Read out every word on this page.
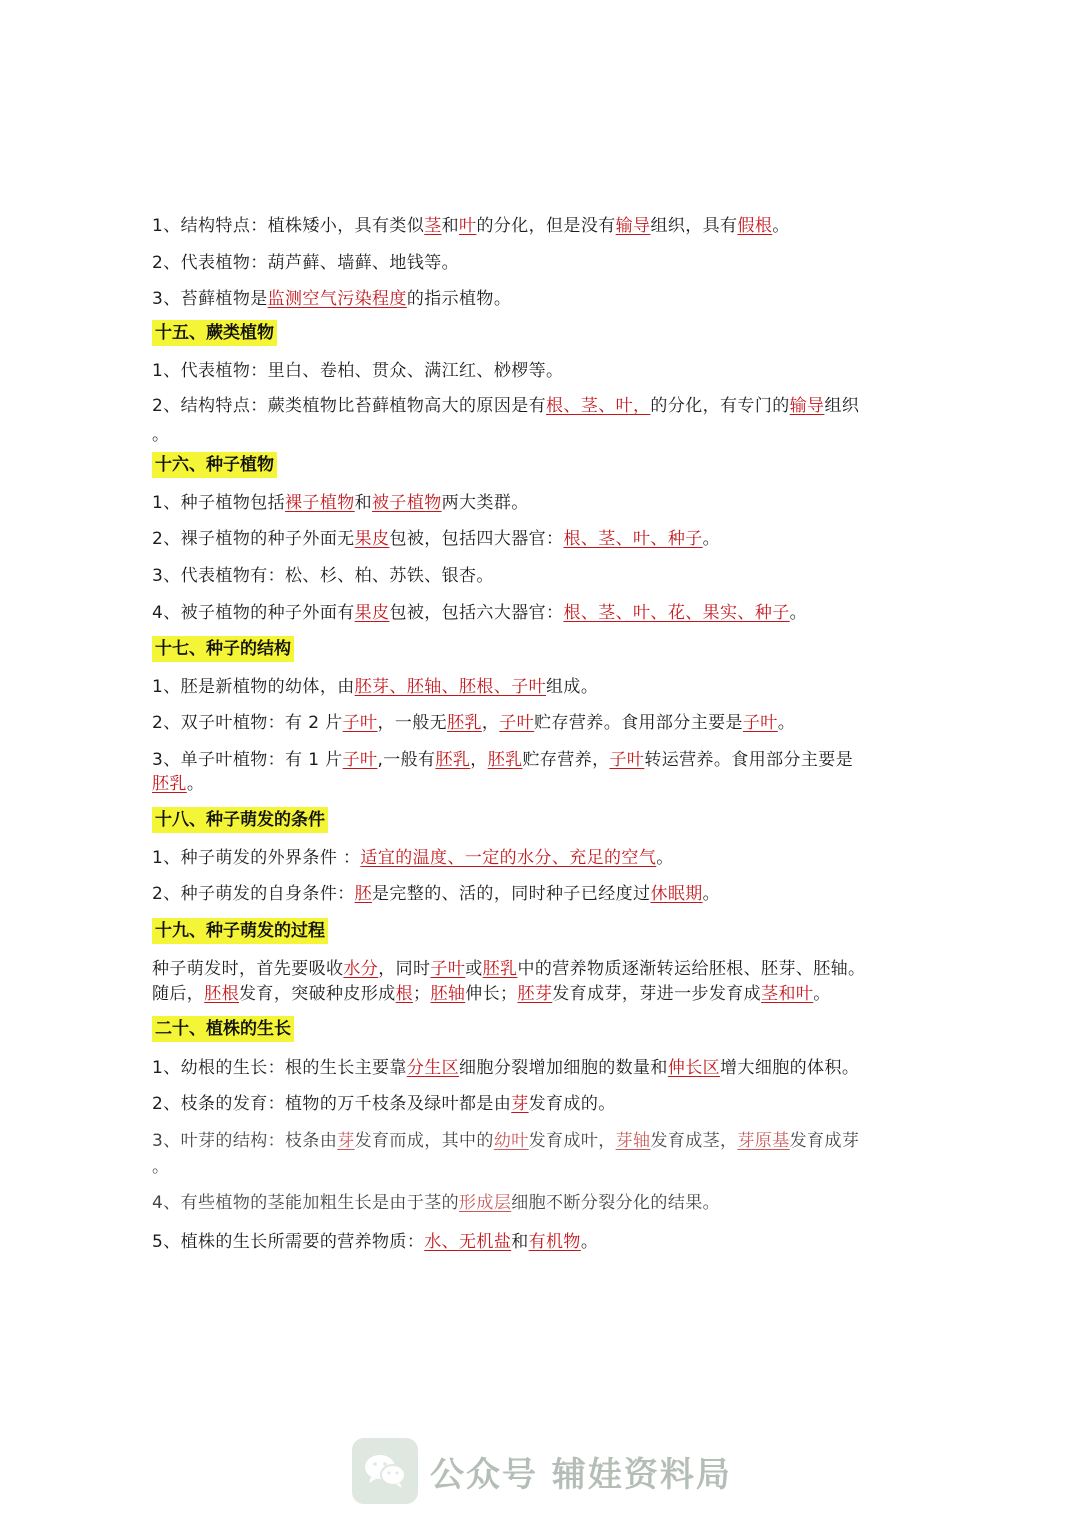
1、结构特点：植株矮小，具有类似茎和叶的分化，但是没有输导组织，具有假根。
2、代表植物：葫芦藓、墙藓、地钱等。
3、苔藓植物是监测空气污染程度的指示植物。
十五、蕨类植物
1、代表植物：里白、卷柏、贯众、满江红、桫椤等。
2、结构特点：蕨类植物比苔藓植物高大的原因是有根、茎、叶，的分化，有专门的输导组织
。
十六、种子植物
1、种子植物包括裸子植物和被子植物两大类群。
2、裸子植物的种子外面无果皮包被，包括四大器官：根、茎、叶、种子。
3、代表植物有：松、杉、柏、苏铁、银杏。
4、被子植物的种子外面有果皮包被，包括六大器官：根、茎、叶、花、果实、种子。
十七、种子的结构
1、胚是新植物的幼体，由胚芽、胚轴、胚根、子叶组成。
2、双子叶植物：有 2 片子叶，一般无胚乳，子叶贮存营养。食用部分主要是子叶。
3、单子叶植物：有 1 片子叶,一般有胚乳，胚乳贮存营养，子叶转运营养。食用部分主要是
胚乳。
十八、种子萌发的条件
1、种子萌发的外界条件 ：适宜的温度、一定的水分、充足的空气。
2、种子萌发的自身条件：胚是完整的、活的，同时种子已经度过休眠期。
十九、种子萌发的过程
种子萌发时，首先要吸收水分，同时子叶或胚乳中的营养物质逐渐转运给胚根、胚芽、胚轴。
随后，胚根发育，突破种皮形成根；胚轴伸长；胚芽发育成芽，芽进一步发育成茎和叶。
二十、植株的生长
1、幼根的生长：根的生长主要靠分生区细胞分裂增加细胞的数量和伸长区增大细胞的体积。
2、枝条的发育：植物的万千枝条及绿叶都是由芽发育成的。
3、叶芽的结构：枝条由芽发育而成，其中的幼叶发育成叶，芽轴发育成茎，芽原基发育成芽
。
4、有些植物的茎能加粗生长是由于茎的形成层细胞不断分裂分化的结果。
5、植株的生长所需要的营养物质：水、无机盐和有机物。
公众号 辅娃资料局
